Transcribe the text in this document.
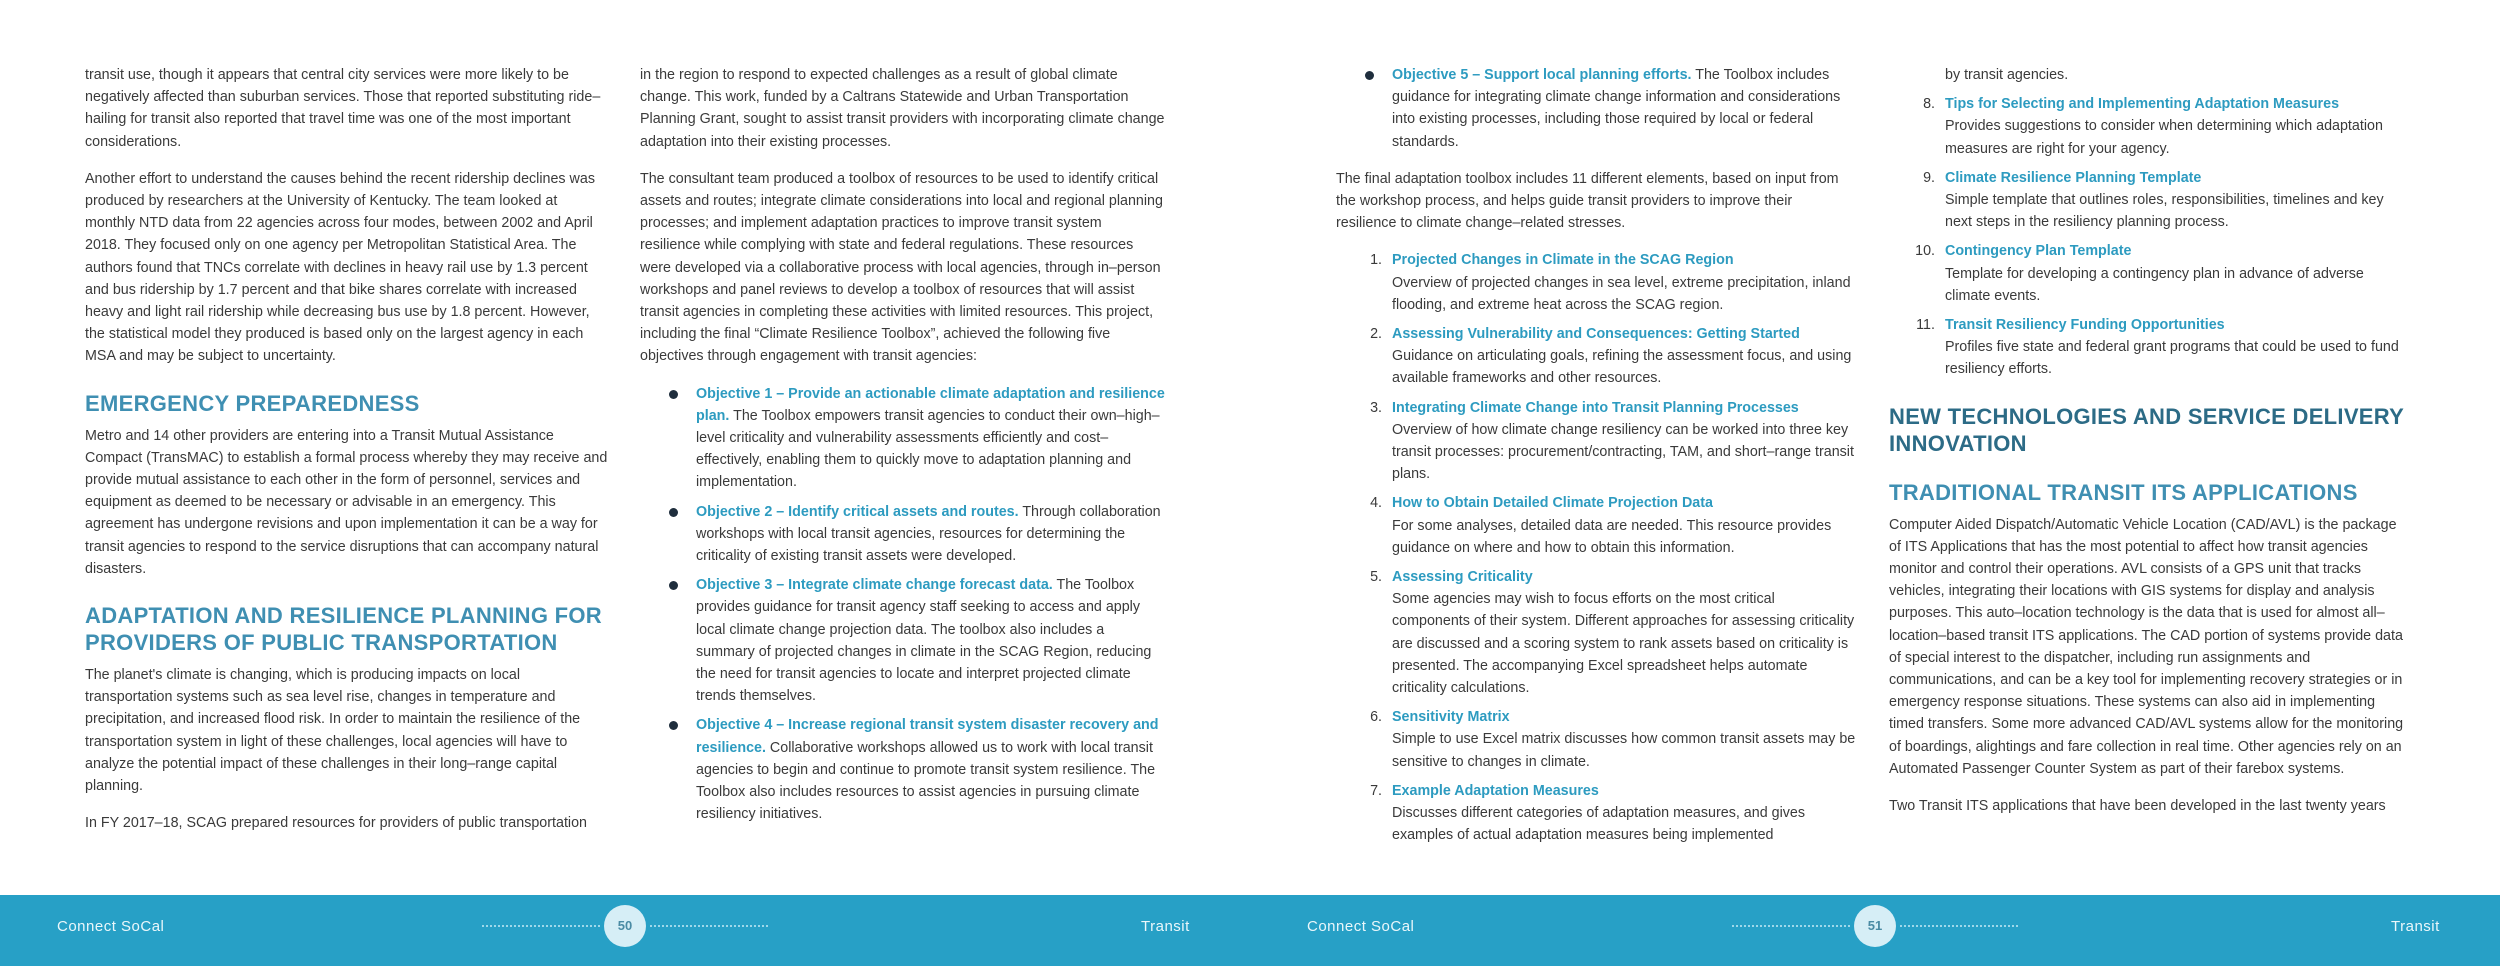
transit use, though it appears that central city services were more likely to be negatively affected than suburban services. Those that reported substituting ride–hailing for transit also reported that travel time was one of the most important considerations.

Another effort to understand the causes behind the recent ridership declines was produced by researchers at the University of Kentucky. The team looked at monthly NTD data from 22 agencies across four modes, between 2002 and April 2018. They focused only on one agency per Metropolitan Statistical Area. The authors found that TNCs correlate with declines in heavy rail use by 1.3 percent and bus ridership by 1.7 percent and that bike shares correlate with increased heavy and light rail ridership while decreasing bus use by 1.8 percent. However, the statistical model they produced is based only on the largest agency in each MSA and may be subject to uncertainty.

EMERGENCY PREPAREDNESS

Metro and 14 other providers are entering into a Transit Mutual Assistance Compact (TransMAC) to establish a formal process whereby they may receive and provide mutual assistance to each other in the form of personnel, services and equipment as deemed to be necessary or advisable in an emergency. This agreement has undergone revisions and upon implementation it can be a way for transit agencies to respond to the service disruptions that can accompany natural disasters.

ADAPTATION AND RESILIENCE PLANNING FOR PROVIDERS OF PUBLIC TRANSPORTATION

The planet's climate is changing, which is producing impacts on local transportation systems such as sea level rise, changes in temperature and precipitation, and increased flood risk. In order to maintain the resilience of the transportation system in light of these challenges, local agencies will have to analyze the potential impact of these challenges in their long–range capital planning.

In FY 2017–18, SCAG prepared resources for providers of public transportation

in the region to respond to expected challenges as a result of global climate change. This work, funded by a Caltrans Statewide and Urban Transportation Planning Grant, sought to assist transit providers with incorporating climate change adaptation into their existing processes.

The consultant team produced a toolbox of resources to be used to identify critical assets and routes; integrate climate considerations into local and regional planning processes; and implement adaptation practices to improve transit system resilience while complying with state and federal regulations. These resources were developed via a collaborative process with local agencies, through in–person workshops and panel reviews to develop a toolbox of resources that will assist transit agencies in completing these activities with limited resources. This project, including the final “Climate Resilience Toolbox”, achieved the following five objectives through engagement with transit agencies:

Objective 1 – Provide an actionable climate adaptation and resilience plan. The Toolbox empowers transit agencies to conduct their own–high–level criticality and vulnerability assessments efficiently and cost–effectively, enabling them to quickly move to adaptation planning and implementation.
Objective 2 – Identify critical assets and routes. Through collaboration workshops with local transit agencies, resources for determining the criticality of existing transit assets were developed.
Objective 3 – Integrate climate change forecast data. The Toolbox provides guidance for transit agency staff seeking to access and apply local climate change projection data. The toolbox also includes a summary of projected changes in climate in the SCAG Region, reducing the need for transit agencies to locate and interpret projected climate trends themselves.
Objective 4 – Increase regional transit system disaster recovery and resilience. Collaborative workshops allowed us to work with local transit agencies to begin and continue to promote transit system resilience. The Toolbox also includes resources to assist agencies in pursuing climate resiliency initiatives.
Objective 5 – Support local planning efforts. The Toolbox includes guidance for integrating climate change information and considerations into existing processes, including those required by local or federal standards.

The final adaptation toolbox includes 11 different elements, based on input from the workshop process, and helps guide transit providers to improve their resilience to climate change–related stresses.

1. Projected Changes in Climate in the SCAG Region
Overview of projected changes in sea level, extreme precipitation, inland flooding, and extreme heat across the SCAG region.
2. Assessing Vulnerability and Consequences: Getting Started
Guidance on articulating goals, refining the assessment focus, and using available frameworks and other resources.
3. Integrating Climate Change into Transit Planning Processes
Overview of how climate change resiliency can be worked into three key transit processes: procurement/contracting, TAM, and short–range transit plans.
4. How to Obtain Detailed Climate Projection Data
For some analyses, detailed data are needed. This resource provides guidance on where and how to obtain this information.
5. Assessing Criticality
Some agencies may wish to focus efforts on the most critical components of their system. Different approaches for assessing criticality are discussed and a scoring system to rank assets based on criticality is presented. The accompanying Excel spreadsheet helps automate criticality calculations.
6. Sensitivity Matrix
Simple to use Excel matrix discusses how common transit assets may be sensitive to changes in climate.
7. Example Adaptation Measures
Discusses different categories of adaptation measures, and gives examples of actual adaptation measures being implemented
by transit agencies.
8. Tips for Selecting and Implementing Adaptation Measures
Provides suggestions to consider when determining which adaptation measures are right for your agency.
9. Climate Resilience Planning Template
Simple template that outlines roles, responsibilities, timelines and key next steps in the resiliency planning process.
10. Contingency Plan Template
Template for developing a contingency plan in advance of adverse climate events.
11. Transit Resiliency Funding Opportunities
Profiles five state and federal grant programs that could be used to fund resiliency efforts.
NEW TECHNOLOGIES AND SERVICE DELIVERY INNOVATION
TRADITIONAL TRANSIT ITS APPLICATIONS

Computer Aided Dispatch/Automatic Vehicle Location (CAD/AVL) is the package of ITS Applications that has the most potential to affect how transit agencies monitor and control their operations. AVL consists of a GPS unit that tracks vehicles, integrating their locations with GIS systems for display and analysis purposes. This auto–location technology is the data that is used for almost all–location–based transit ITS applications. The CAD portion of systems provide data of special interest to the dispatcher, including run assignments and communications, and can be a key tool for implementing recovery strategies or in emergency response situations. These systems can also aid in implementing timed transfers. Some more advanced CAD/AVL systems allow for the monitoring of boardings, alightings and fare collection in real time. Other agencies rely on an Automated Passenger Counter System as part of their farebox systems.

Two Transit ITS applications that have been developed in the last twenty years

Connect SoCal	50	Transit	Connect SoCal	51	Transit
